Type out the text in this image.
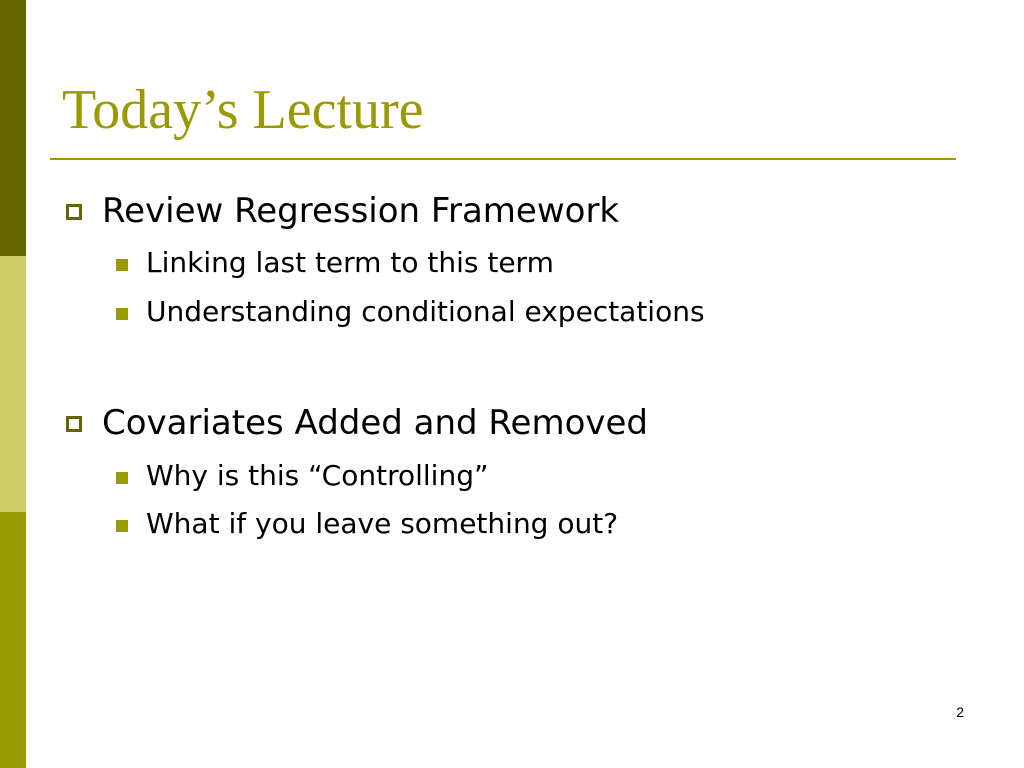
Today’s Lecture
Review Regression Framework
Linking last term to this term
Understanding conditional expectations
Covariates Added and Removed
Why is this “Controlling”
What if you leave something out?
2
